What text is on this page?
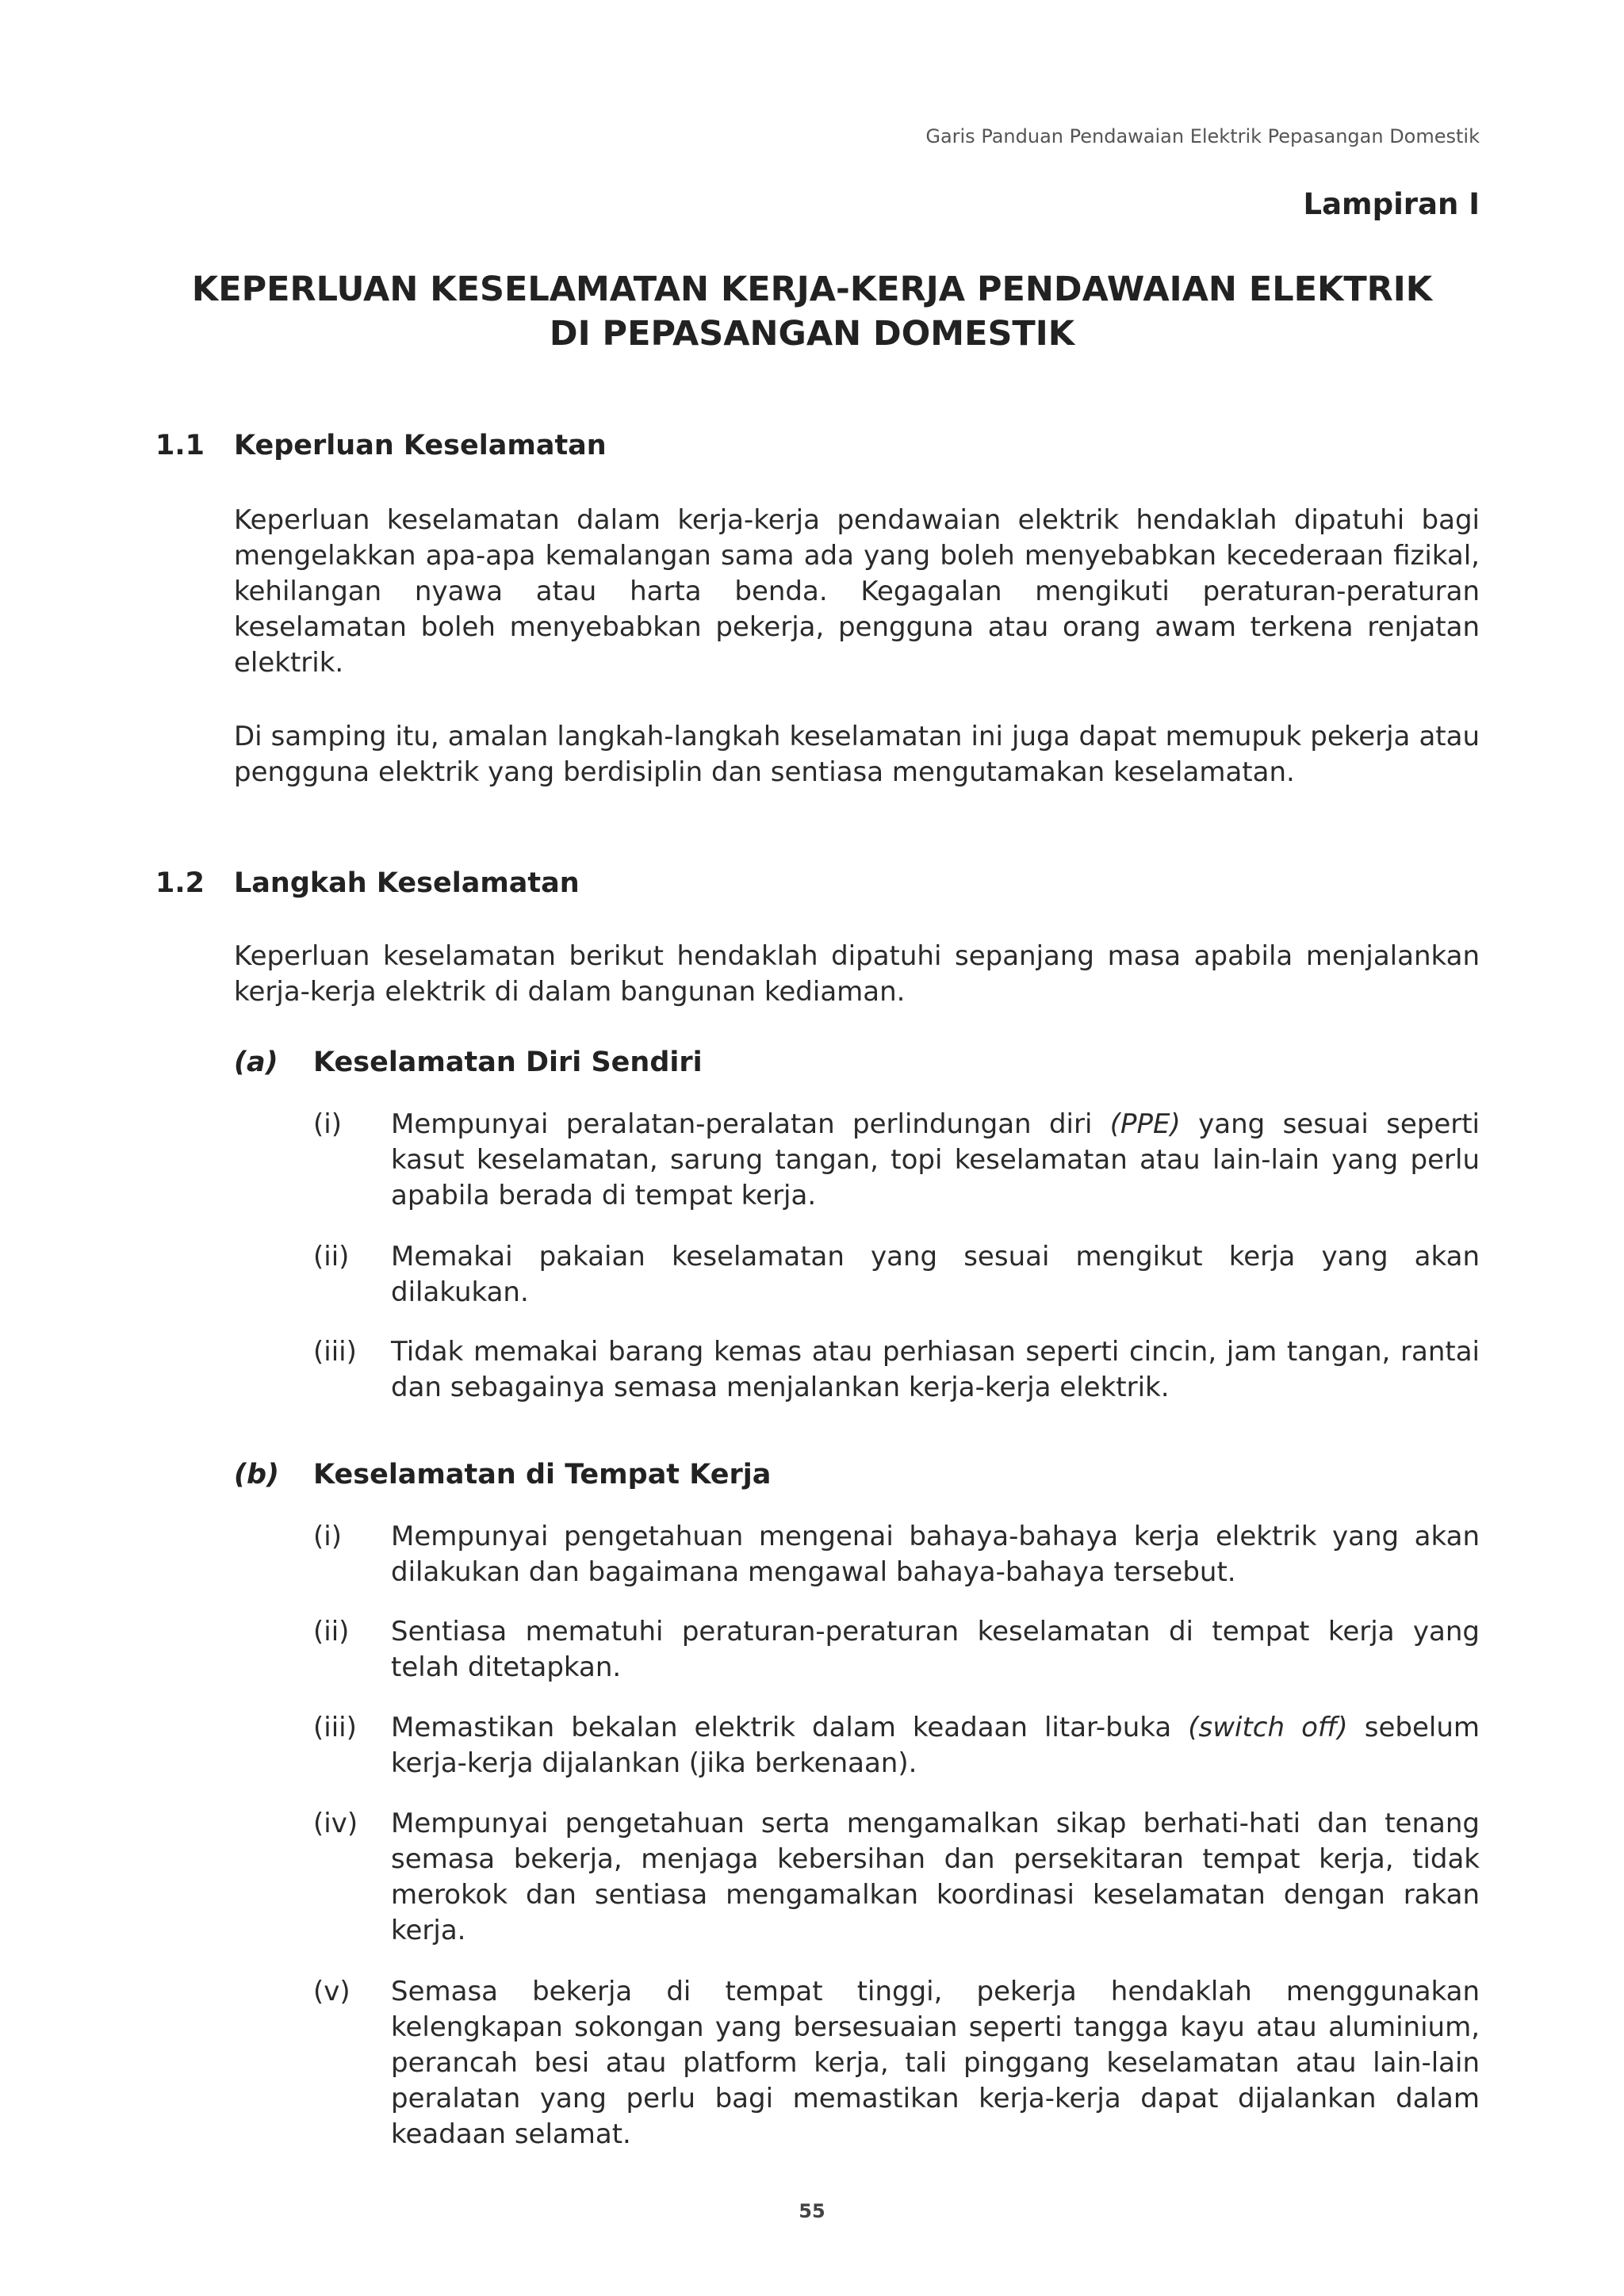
Garis Panduan Pendawaian Elektrik Pepasangan Domestik
Lampiran I
KEPERLUAN KESELAMATAN KERJA-KERJA PENDAWAIAN ELEKTRIK
DI PEPASANGAN DOMESTIK
1.1 Keperluan Keselamatan
Keperluan keselamatan dalam kerja-kerja pendawaian elektrik hendaklah dipatuhi bagi mengelakkan apa-apa kemalangan sama ada yang boleh menyebabkan kecederaan fizikal, kehilangan nyawa atau harta benda. Kegagalan mengikuti peraturan-peraturan keselamatan boleh menyebabkan pekerja, pengguna atau orang awam terkena renjatan elektrik.
Di samping itu, amalan langkah-langkah keselamatan ini juga dapat memupuk pekerja atau pengguna elektrik yang berdisiplin dan sentiasa mengutamakan keselamatan.
1.2 Langkah Keselamatan
Keperluan keselamatan berikut hendaklah dipatuhi sepanjang masa apabila menjalankan kerja-kerja elektrik di dalam bangunan kediaman.
(a) Keselamatan Diri Sendiri
(i) Mempunyai peralatan-peralatan perlindungan diri (PPE) yang sesuai seperti kasut keselamatan, sarung tangan, topi keselamatan atau lain-lain yang perlu apabila berada di tempat kerja.
(ii) Memakai pakaian keselamatan yang sesuai mengikut kerja yang akan dilakukan.
(iii) Tidak memakai barang kemas atau perhiasan seperti cincin, jam tangan, rantai dan sebagainya semasa menjalankan kerja-kerja elektrik.
(b) Keselamatan di Tempat Kerja
(i) Mempunyai pengetahuan mengenai bahaya-bahaya kerja elektrik yang akan dilakukan dan bagaimana mengawal bahaya-bahaya tersebut.
(ii) Sentiasa mematuhi peraturan-peraturan keselamatan di tempat kerja yang telah ditetapkan.
(iii) Memastikan bekalan elektrik dalam keadaan litar-buka (switch off) sebelum kerja-kerja dijalankan (jika berkenaan).
(iv) Mempunyai pengetahuan serta mengamalkan sikap berhati-hati dan tenang semasa bekerja, menjaga kebersihan dan persekitaran tempat kerja, tidak merokok dan sentiasa mengamalkan koordinasi keselamatan dengan rakan kerja.
(v) Semasa bekerja di tempat tinggi, pekerja hendaklah menggunakan kelengkapan sokongan yang bersesuaian seperti tangga kayu atau aluminium, perancah besi atau platform kerja, tali pinggang keselamatan atau lain-lain peralatan yang perlu bagi memastikan kerja-kerja dapat dijalankan dalam keadaan selamat.
55
